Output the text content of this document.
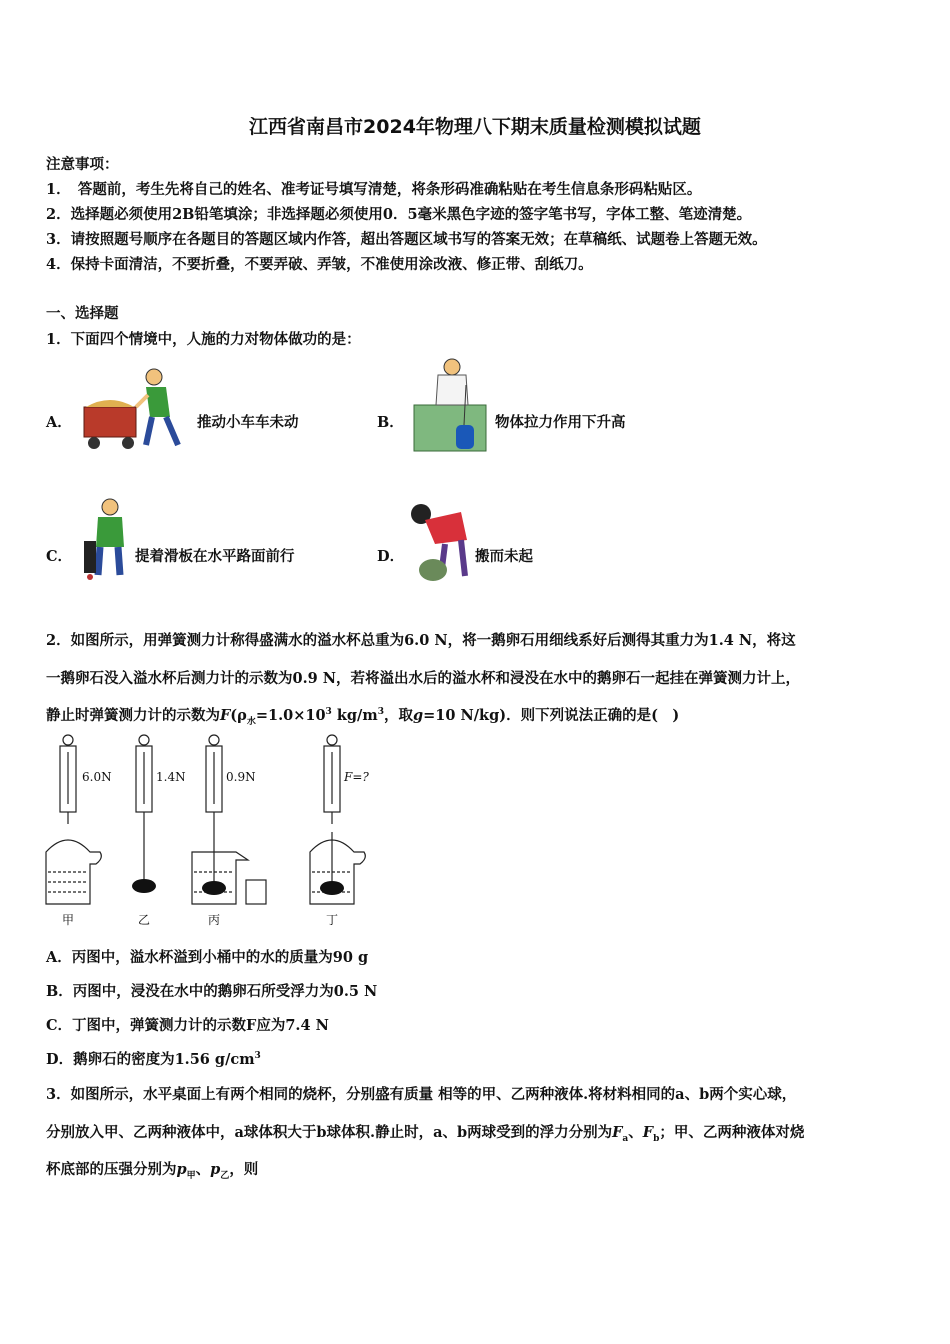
江西省南昌市2024年物理八下期末质量检测模拟试题
注意事项：
1．　答题前，考生先将自己的姓名、准考证号填写清楚，将条形码准确粘贴在考生信息条形码粘贴区。
2．选择题必须使用2B铅笔填涂；非选择题必须使用0．5毫米黑色字迹的签字笔书写，字体工整、笔迹清楚。
3．请按照题号顺序在各题目的答题区域内作答，超出答题区域书写的答案无效；在草稿纸、试题卷上答题无效。
4．保持卡面清洁，不要折叠，不要弄破、弄皱，不准使用涂改液、修正带、刮纸刀。
一、选择题
1．下面四个情境中，人施的力对物体做功的是：
A．	推动小车车未动	B．	物体拉力作用下升高
C．	提着滑板在水平路面前行	D．	搬而未起
2．如图所示，用弹簧测力计称得盛满水的溢水杯总重为6.0 N，将一鹅卵石用细线系好后测得其重力为1.4 N，将这
一鹅卵石没入溢水杯后测力计的示数为0.9 N，若将溢出水后的溢水杯和浸没在水中的鹅卵石一起挂在弹簧测力计上，
静止时弹簧测力计的示数为$F(\rho_水=1.0\times 10^3$ $kg/m^3$，取g=10 N/kg)．则下列说法正确的是(　)
6.0N	1.4N	0.9N	F=?
甲	乙	丙	丁
A．丙图中，溢水杯溢到小桶中的水的质量为90 g
B．丙图中，浸没在水中的鹅卵石所受浮力为0.5 N
C．丁图中，弹簧测力计的示数F应为7.4 N
D．鹅卵石的密度为1.56 $g/cm^3$
3．如图所示，水平桌面上有两个相同的烧杯，分别盛有质量 相等的甲、乙两种液体.将材料相同的a、b两个实心球，
分别放入甲、乙两种液体中，a球体积大于b球体积.静止时，a、b两球受到的浮力分别为$F_a$、$F_b$；甲、乙两种液体对烧
杯底部的压强分别为$p_甲$、$p_乙$，则
